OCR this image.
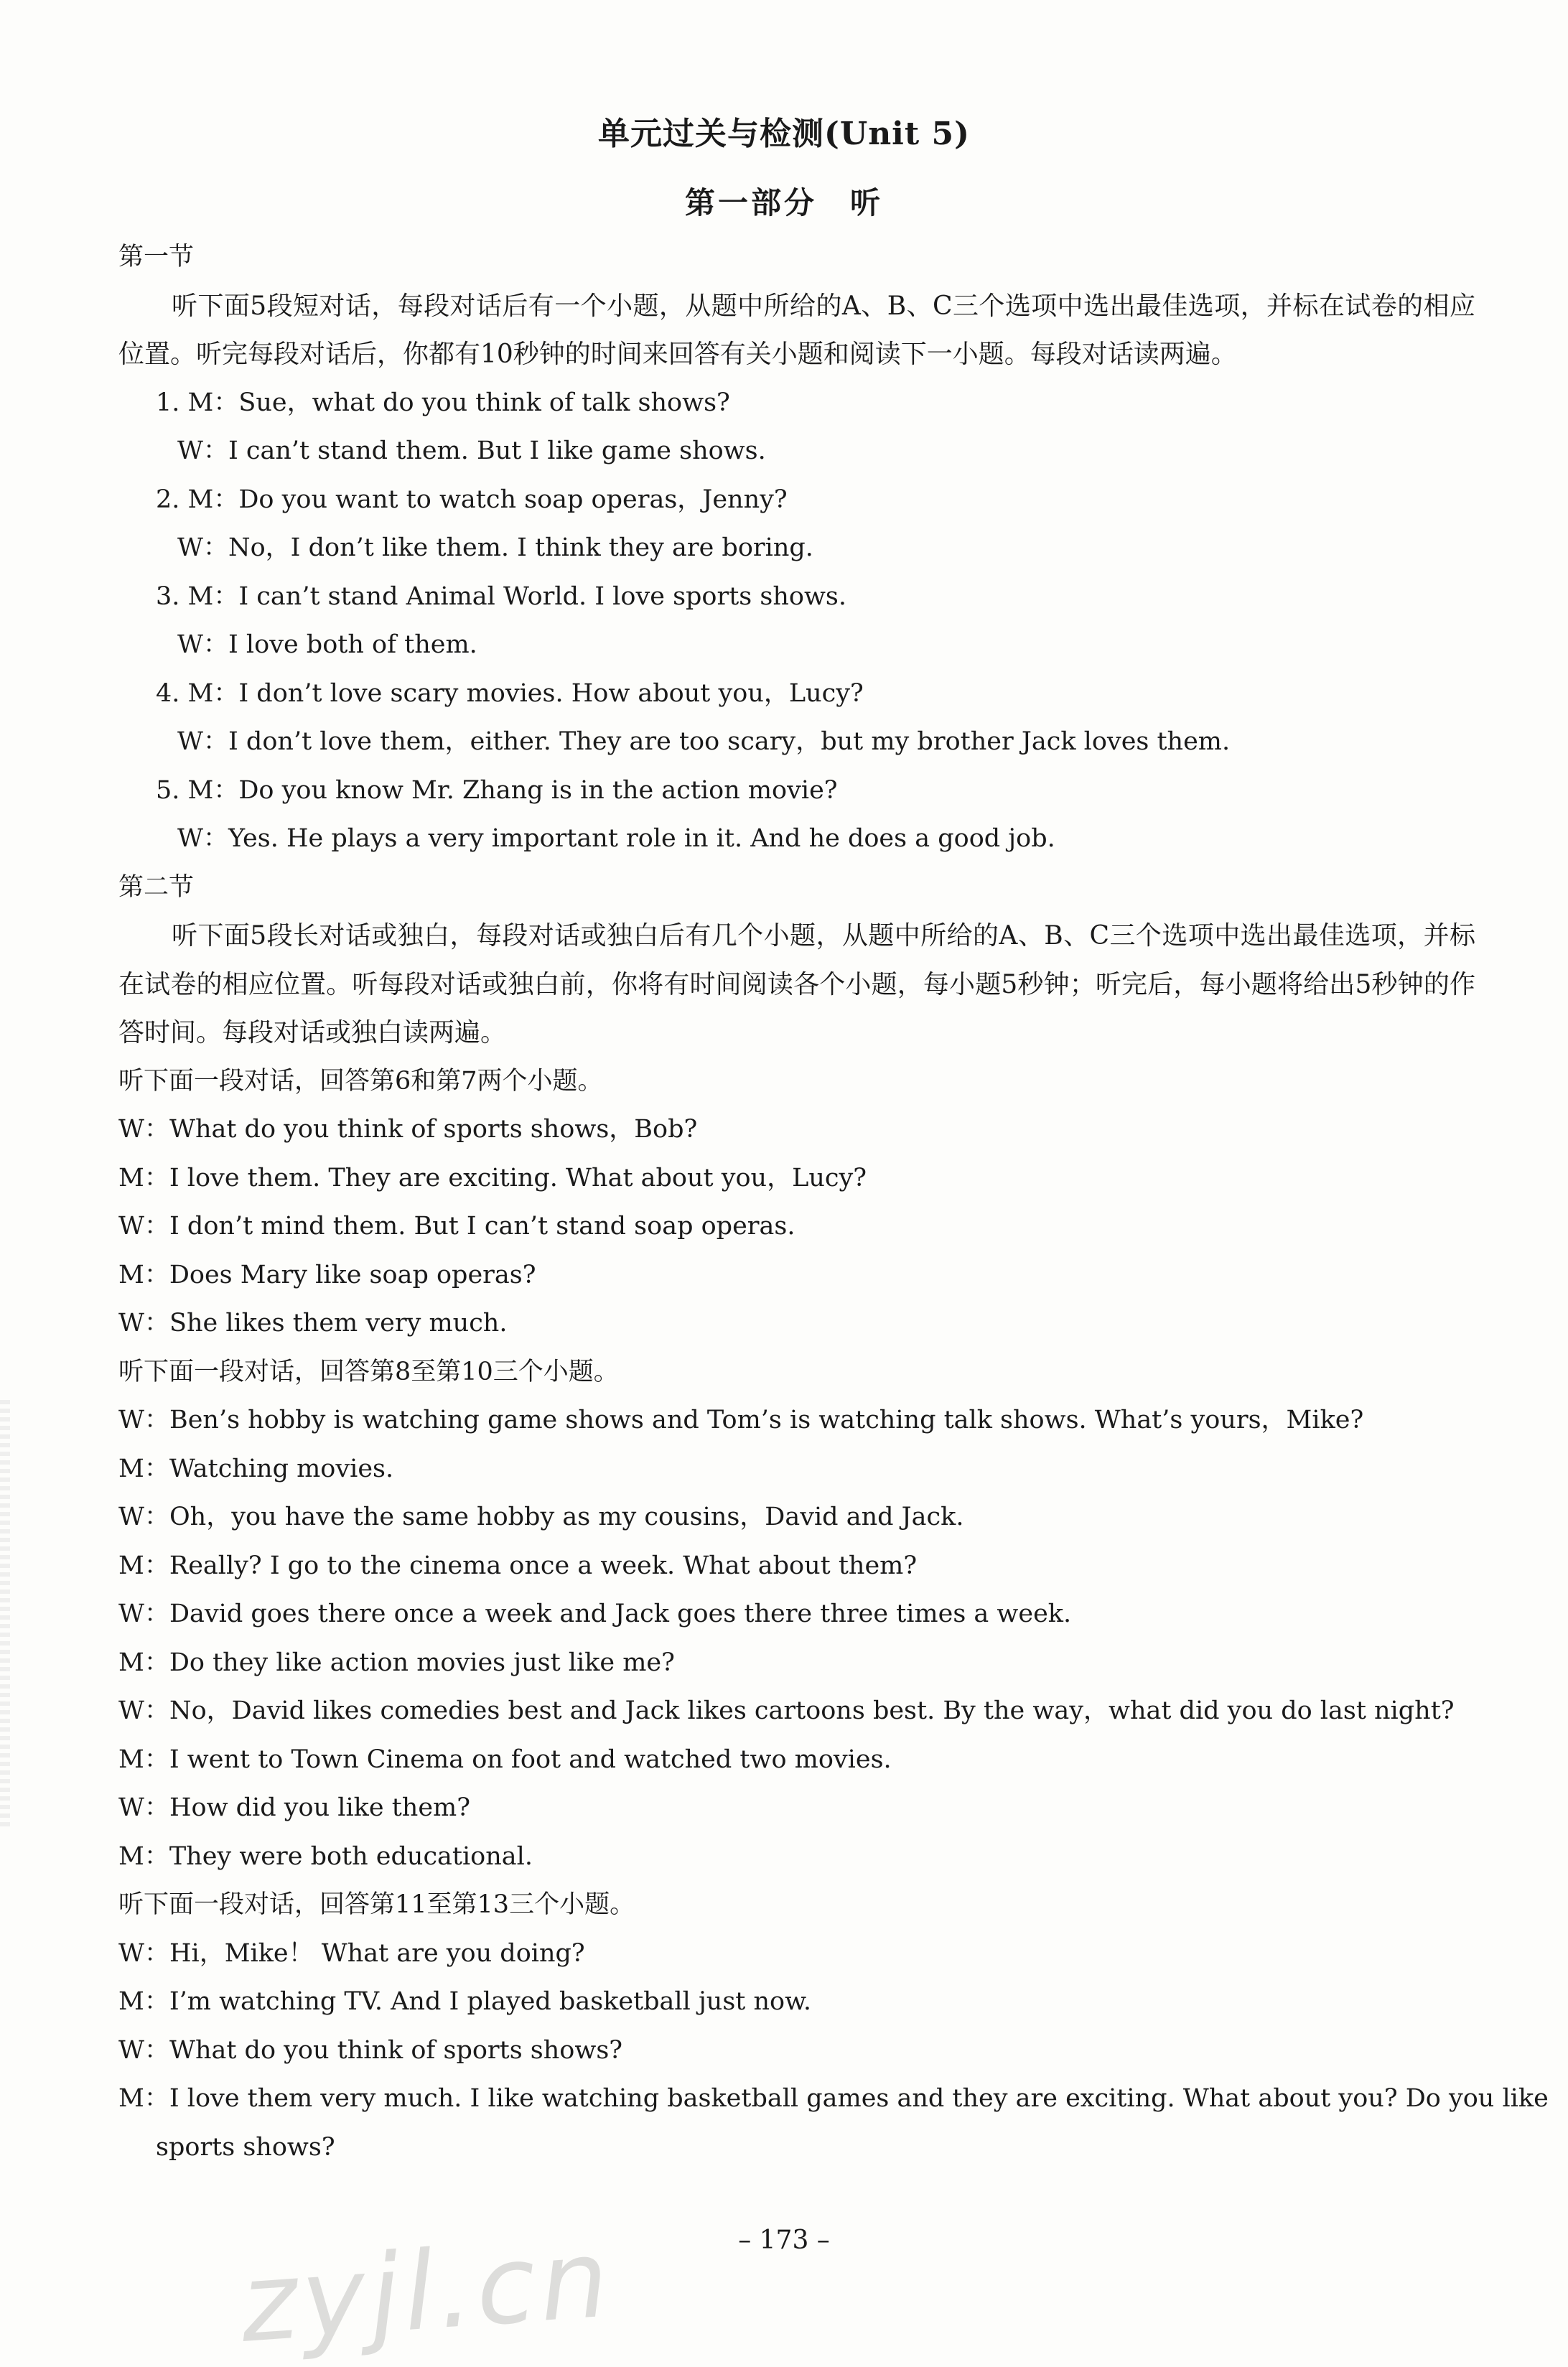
单元过关与检测(Unit 5)
第一部分　听
第一节
听下面5段短对话，每段对话后有一个小题，从题中所给的A、B、C三个选项中选出最佳选项，并标在试卷的相应位置。听完每段对话后，你都有10秒钟的时间来回答有关小题和阅读下一小题。每段对话读两遍。
1. M：Sue，what do you think of talk shows?
W：I can’t stand them. But I like game shows.
2. M：Do you want to watch soap operas，Jenny?
W：No，I don’t like them. I think they are boring.
3. M：I can’t stand Animal World. I love sports shows.
W：I love both of them.
4. M：I don’t love scary movies. How about you，Lucy?
W：I don’t love them，either. They are too scary，but my brother Jack loves them.
5. M：Do you know Mr. Zhang is in the action movie?
W：Yes. He plays a very important role in it. And he does a good job.
第二节
听下面5段长对话或独白，每段对话或独白后有几个小题，从题中所给的A、B、C三个选项中选出最佳选项，并标在试卷的相应位置。听每段对话或独白前，你将有时间阅读各个小题，每小题5秒钟；听完后，每小题将给出5秒钟的作答时间。每段对话或独白读两遍。
听下面一段对话，回答第6和第7两个小题。
W：What do you think of sports shows，Bob?
M：I love them. They are exciting. What about you，Lucy?
W：I don’t mind them. But I can’t stand soap operas.
M：Does Mary like soap operas?
W：She likes them very much.
听下面一段对话，回答第8至第10三个小题。
W：Ben’s hobby is watching game shows and Tom’s is watching talk shows. What’s yours，Mike?
M：Watching movies.
W：Oh，you have the same hobby as my cousins，David and Jack.
M：Really? I go to the cinema once a week. What about them?
W：David goes there once a week and Jack goes there three times a week.
M：Do they like action movies just like me?
W：No，David likes comedies best and Jack likes cartoons best. By the way，what did you do last night?
M：I went to Town Cinema on foot and watched two movies.
W：How did you like them?
M：They were both educational.
听下面一段对话，回答第11至第13三个小题。
W：Hi，Mike！ What are you doing?
M：I’m watching TV. And I played basketball just now.
W：What do you think of sports shows?
M：I love them very much. I like watching basketball games and they are exciting. What about you? Do you like
sports shows?
– 173 –
zyjl.cn
